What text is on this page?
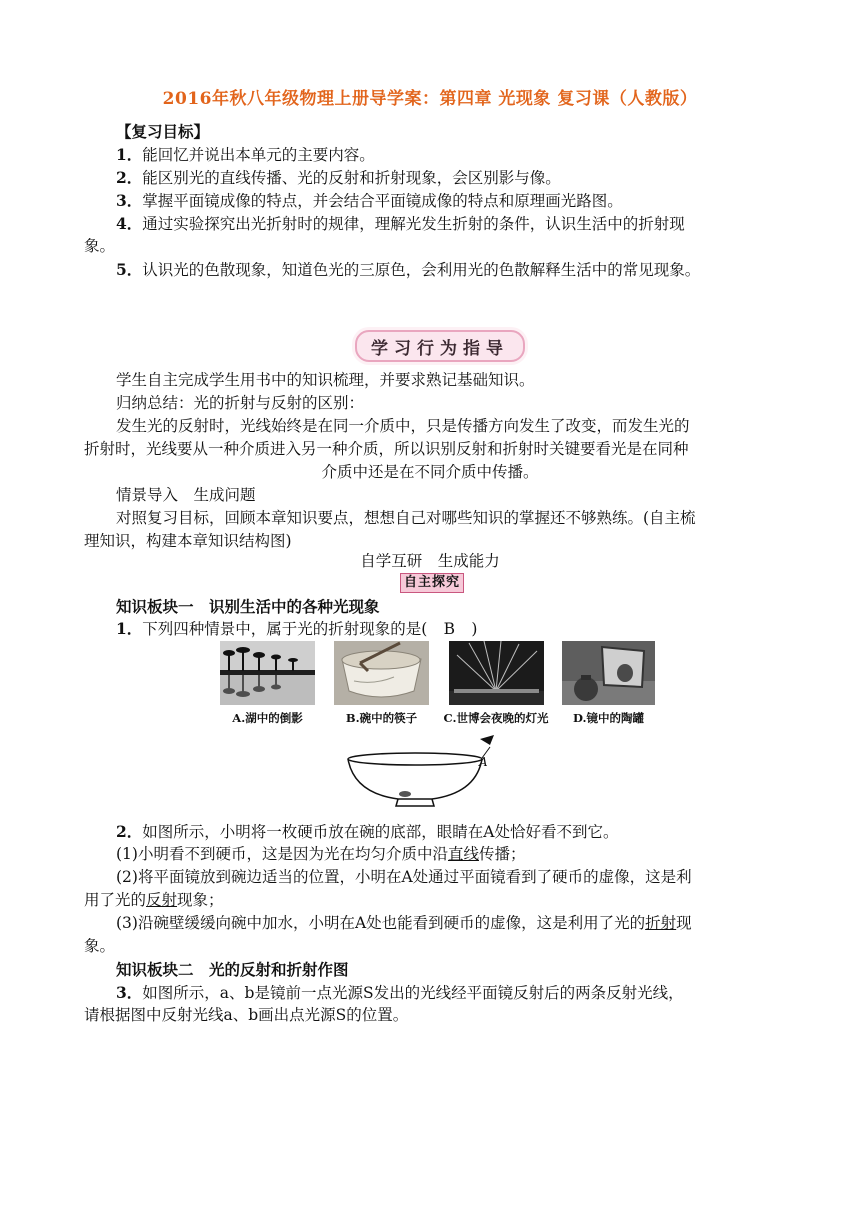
2016年秋八年级物理上册导学案：第四章 光现象 复习课（人教版）
【复习目标】
1．能回忆并说出本单元的主要内容。
2．能区别光的直线传播、光的反射和折射现象，会区别影与像。
3．掌握平面镜成像的特点，并会结合平面镜成像的特点和原理画光路图。
4．通过实验探究出光折射时的规律，理解光发生折射的条件，认识生活中的折射现
象。
5．认识光的色散现象，知道色光的三原色，会利用光的色散解释生活中的常见现象。
学习行为指导
学生自主完成学生用书中的知识梳理，并要求熟记基础知识。
归纳总结：光的折射与反射的区别：
发生光的反射时，光线始终是在同一介质中，只是传播方向发生了改变，而发生光的
折射时，光线要从一种介质进入另一种介质，所以识别反射和折射时关键要看光是在同种
介质中还是在不同介质中传播。
情景导入　生成问题
对照复习目标，回顾本章知识要点，想想自己对哪些知识的掌握还不够熟练。(自主梳
理知识，构建本章知识结构图)
自学互研　生成能力
自主探究
知识板块一　识别生活中的各种光现象
1．下列四种情景中，属于光的折射现象的是( B )
A.湖中的倒影	B.碗中的筷子	C.世博会夜晚的灯光	D.镜中的陶罐
A
2．如图所示，小明将一枚硬币放在碗的底部，眼睛在A处恰好看不到它。
(1)小明看不到硬币，这是因为光在均匀介质中沿直线传播；
(2)将平面镜放到碗边适当的位置，小明在A处通过平面镜看到了硬币的虚像，这是利
用了光的反射现象；
(3)沿碗壁缓缓向碗中加水，小明在A处也能看到硬币的虚像，这是利用了光的折射现
象。
知识板块二　光的反射和折射作图
3．如图所示，a、b是镜前一点光源S发出的光线经平面镜反射后的两条反射光线，
请根据图中反射光线a、b画出点光源S的位置。
